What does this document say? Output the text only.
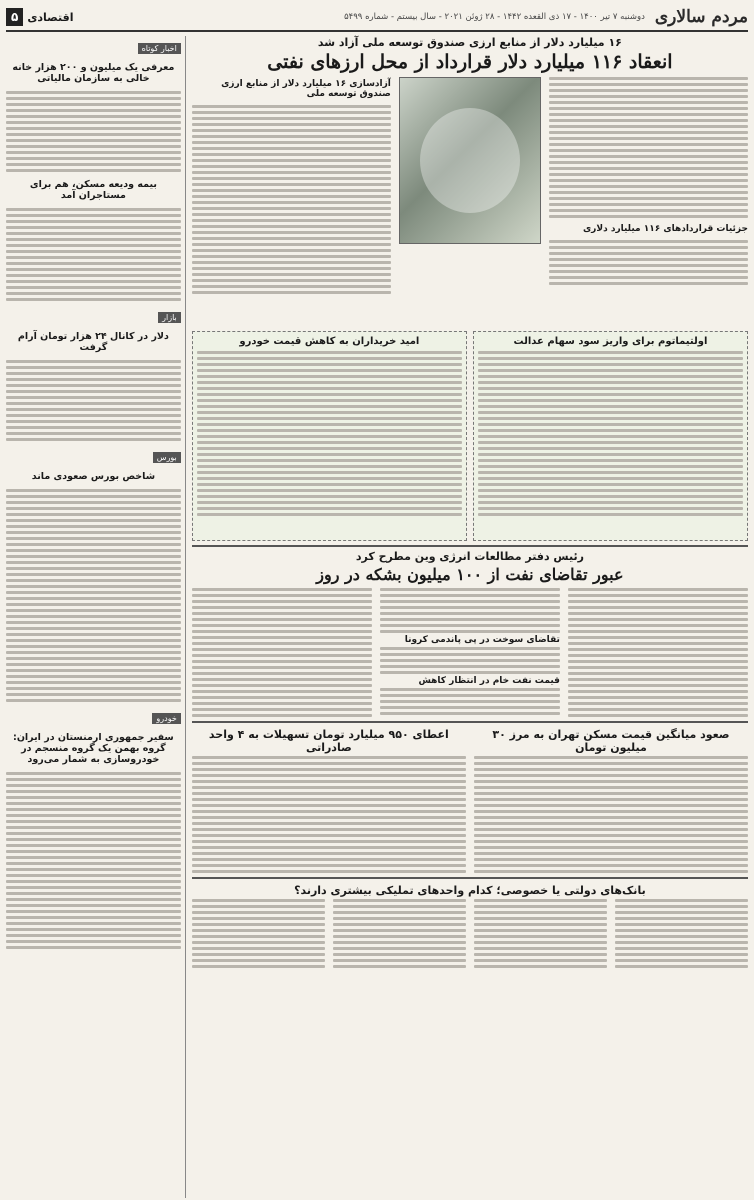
مردم سالاری
دوشنبه ۷ تیر ۱۴۰۰ - ۱۷ ذی القعده ۱۴۴۲ - ۲۸ ژوئن ۲۰۲۱ - سال بیستم - شماره ۵۴۹۹
اقتصادی
۵
۱۶ میلیارد دلار از منابع ارزی صندوق توسعه ملی آزاد شد
انعقاد ۱۱۶ میلیارد دلار قرارداد از محل ارزهای نفتی
جزئیات قراردادهای ۱۱۶ میلیارد دلاری
آزادسازی ۱۶ میلیارد دلار از منابع ارزی صندوق توسعه ملی
اولتیماتوم برای واریز سود سهام عدالت
امید خریداران به کاهش قیمت خودرو
رئیس دفتر مطالعات انرژی وین مطرح کرد
عبور تقاضای نفت از ۱۰۰ میلیون بشکه در روز
تقاضای سوخت در پی پاندمی کرونا
قیمت نفت خام در انتظار کاهش
صعود میانگین قیمت مسکن تهران به مرز ۳۰ میلیون تومان
اعطای ۹۵۰ میلیارد تومان تسهیلات به ۴ واحد صادراتی
بانک‌های دولتی یا خصوصی؛ کدام واحدهای تملیکی بیشتری دارند؟
اخبار کوتاه
معرفی یک میلیون و ۲۰۰ هزار خانه خالی به سازمان مالیاتی
بیمه ودیعه مسکن، هم برای مستاجران آمد
بازار
دلار در کانال ۲۴ هزار تومان آرام گرفت
بورس
شاخص بورس صعودی ماند
خودرو
سفیر جمهوری ارمنستان در ایران: گروه بهمن یک گروه منسجم در خودروسازی به شمار می‌رود
